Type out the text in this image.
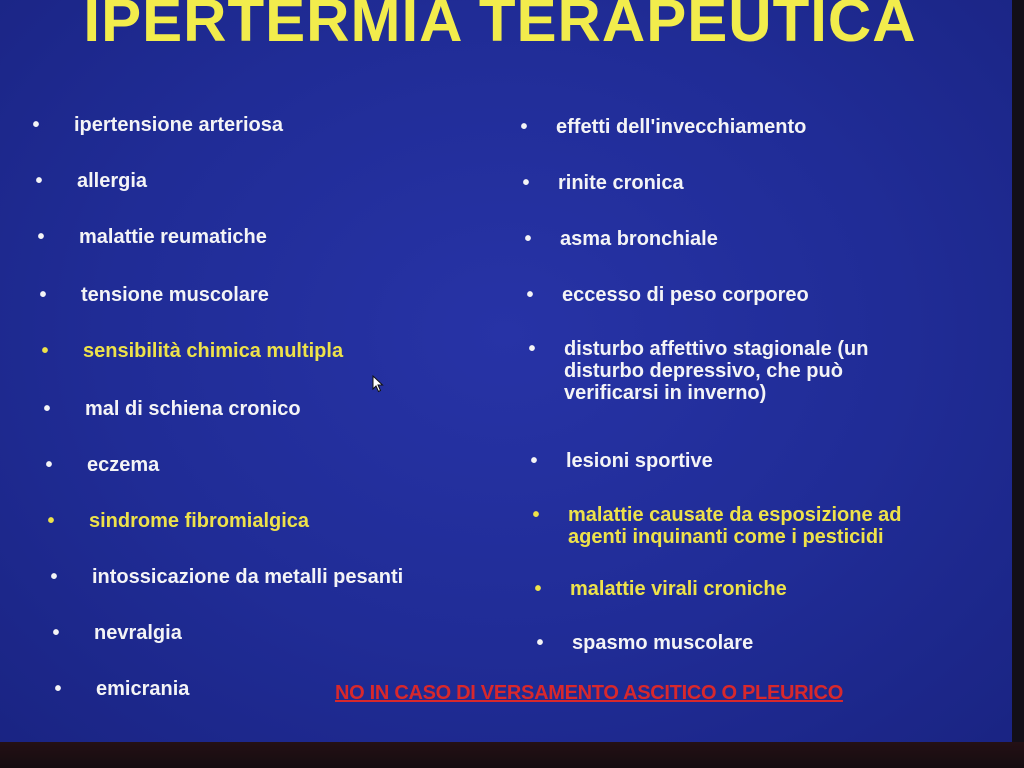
IPERTERMIA TERAPEUTICA
• ipertensione arteriosa
• allergia
• malattie reumatiche
• tensione muscolare
• sensibilità chimica multipla
• mal di schiena cronico
• eczema
• sindrome fibromialgica
• intossicazione da metalli pesanti
• nevralgia
• emicrania
• effetti dell'invecchiamento
• rinite cronica
• asma bronchiale
• eccesso di peso corporeo
• disturbo affettivo stagionale (un disturbo depressivo, che può verificarsi in inverno)
• lesioni sportive
• malattie causate da esposizione ad agenti inquinanti come i pesticidi
• malattie virali croniche
• spasmo muscolare
NO IN CASO DI VERSAMENTO ASCITICO O PLEURICO
